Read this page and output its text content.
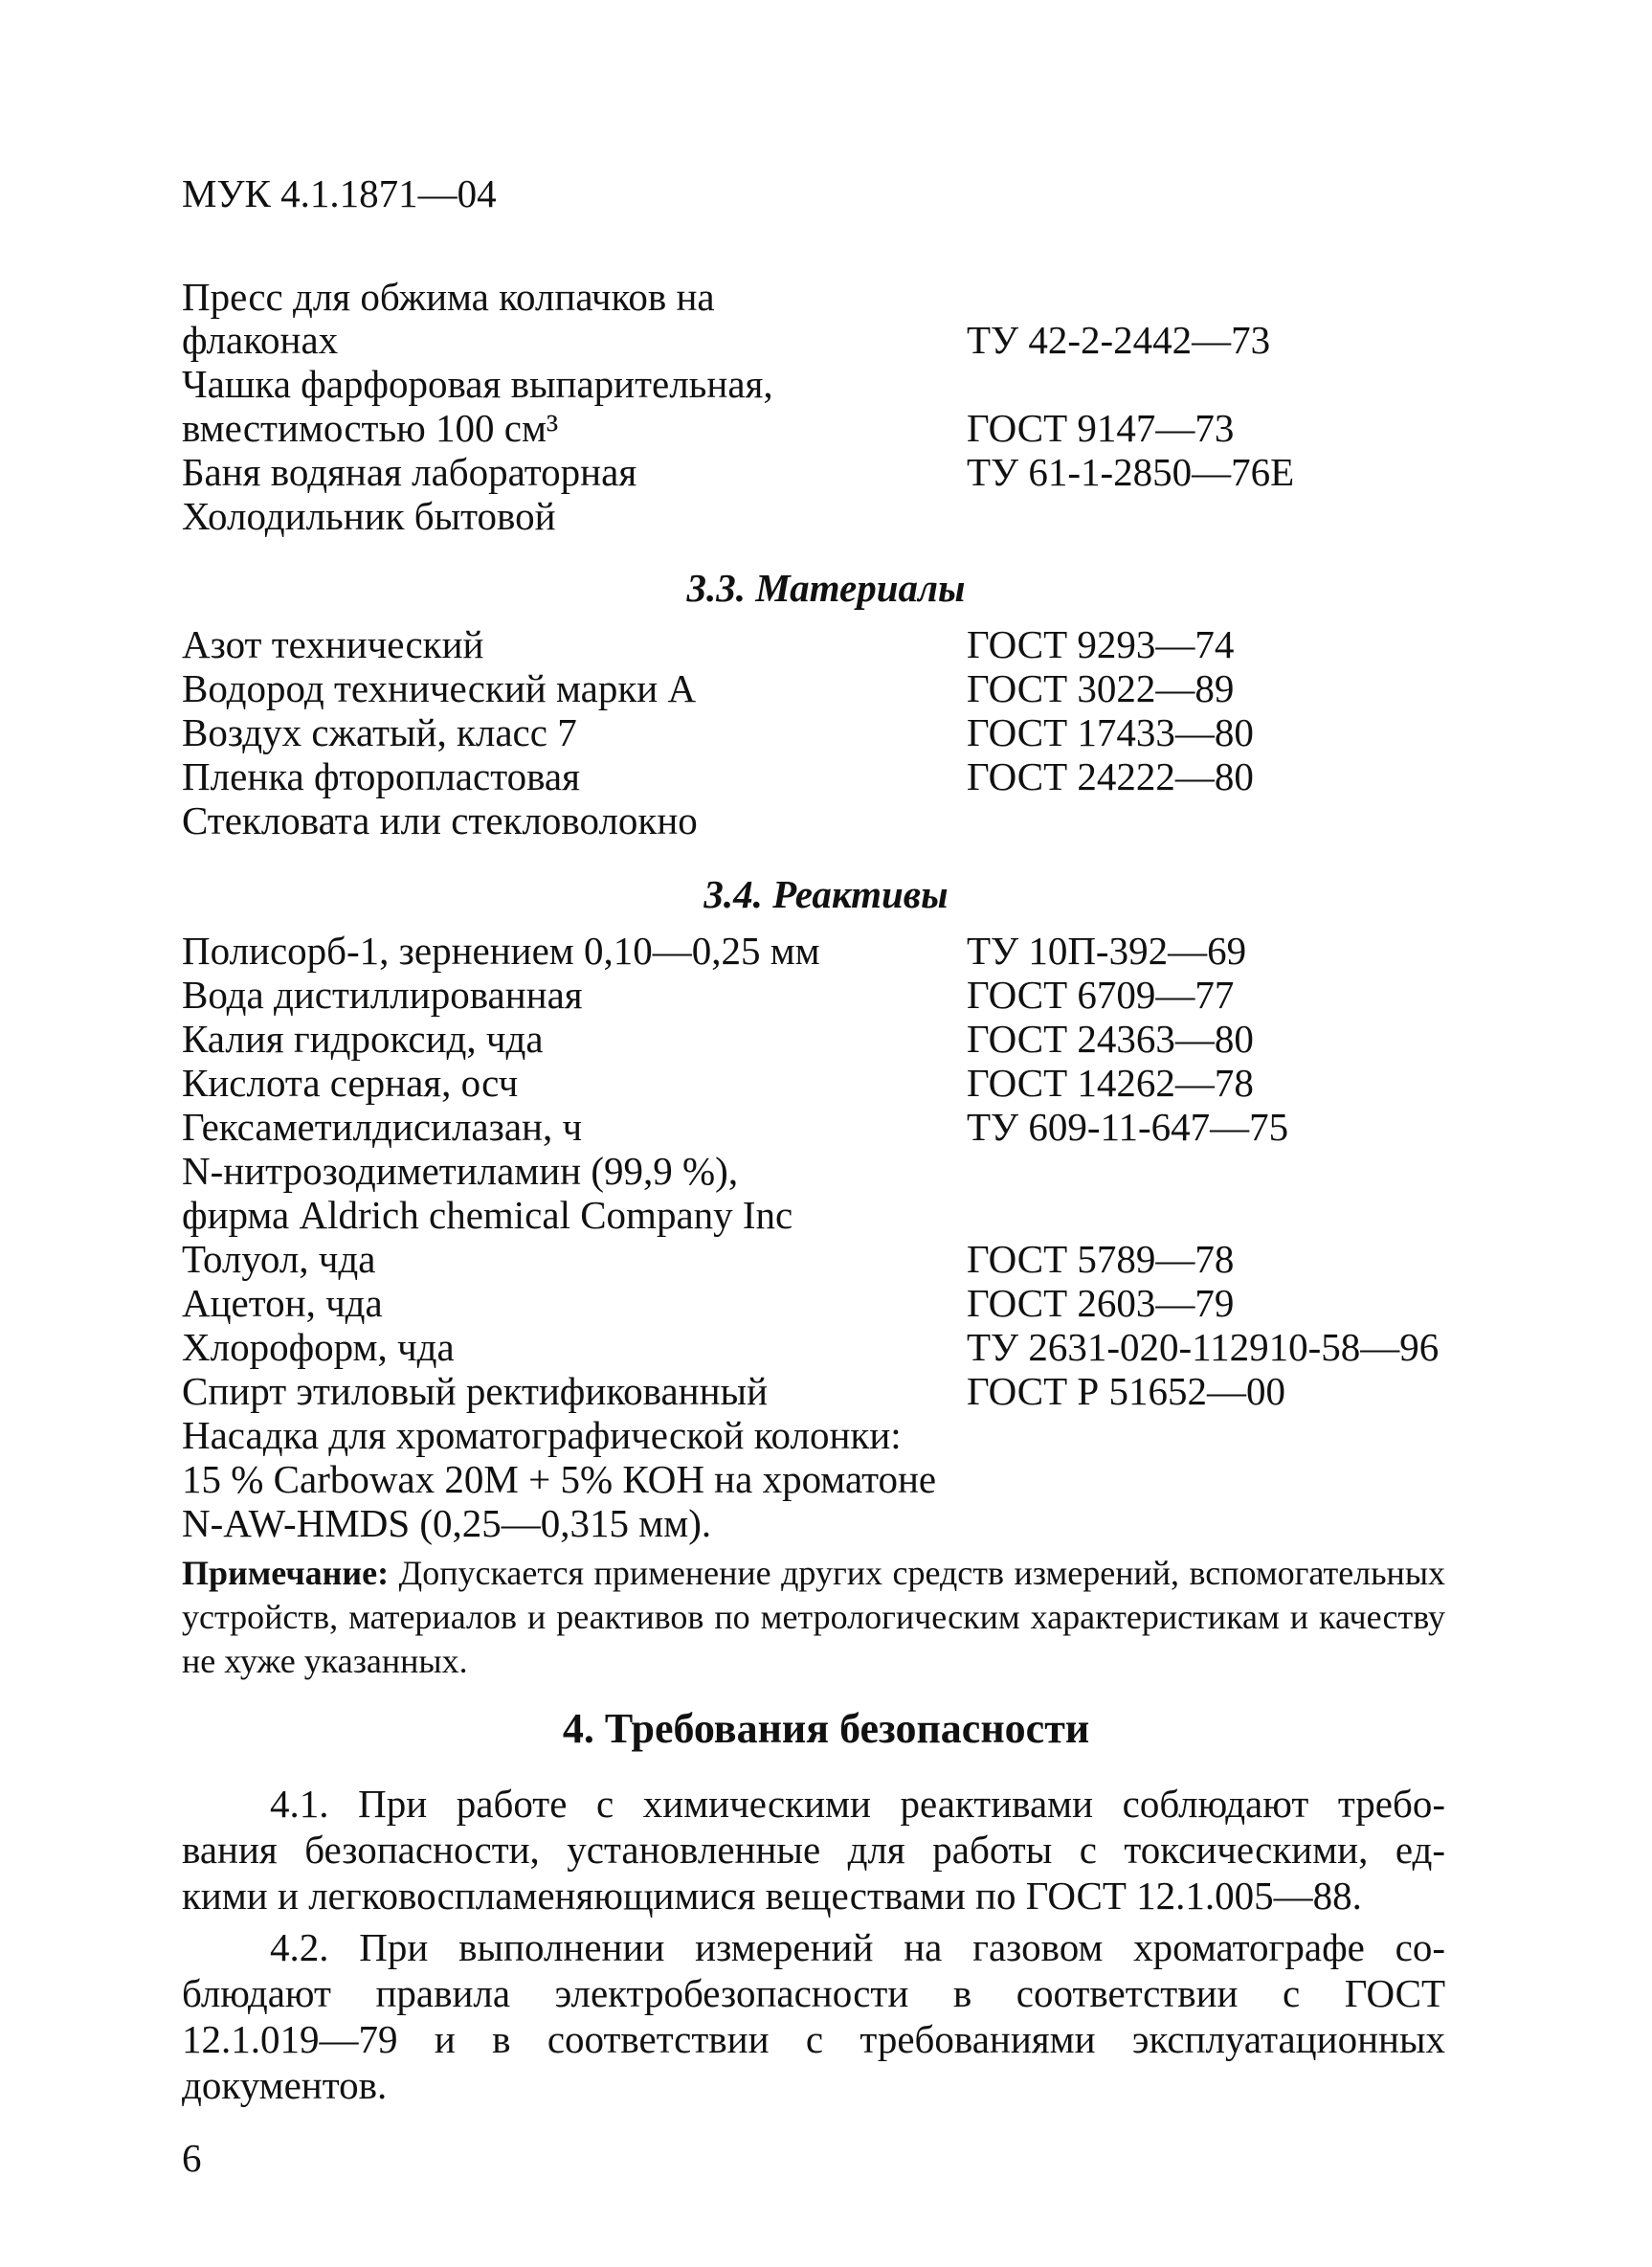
МУК 4.1.1871—04
Пресс для обжима колпачков на
флаконах	ТУ 42-2-2442—73
Чашка фарфоровая выпарительная,
вместимостью 100 см³	ГОСТ 9147—73
Баня водяная лабораторная	ТУ 61-1-2850—76Е
Холодильник бытовой
3.3. Материалы
Азот технический	ГОСТ 9293—74
Водород технический марки А	ГОСТ 3022—89
Воздух сжатый, класс 7	ГОСТ 17433—80
Пленка фторопластовая	ГОСТ 24222—80
Стекловата или стекловолокно
3.4. Реактивы
Полисорб-1, зернением 0,10—0,25 мм	ТУ 10П-392—69
Вода дистиллированная	ГОСТ 6709—77
Калия гидроксид, чда	ГОСТ 24363—80
Кислота серная, осч	ГОСТ 14262—78
Гексаметилдисилазан, ч	ТУ 609-11-647—75
N-нитрозодиметиламин (99,9 %),
фирма Aldrich chemical Company Inc
Толуол, чда	ГОСТ 5789—78
Ацетон, чда	ГОСТ 2603—79
Хлороформ, чда	ТУ 2631-020-112910-58—96
Спирт этиловый ректификованный	ГОСТ Р 51652—00
Насадка для хроматографической колонки:
15 % Carbowax 20М + 5% КОН на хроматоне
N-AW-HMDS (0,25—0,315 мм).
Примечание: Допускается применение других средств измерений, вспомогательных устройств, материалов и реактивов по метрологическим характеристикам и качеству не хуже указанных.
4. Требования безопасности
4.1. При работе с химическими реактивами соблюдают требо-
вания безопасности, установленные для работы с токсическими, ед-
кими и легковоспламеняющимися веществами по ГОСТ 12.1.005—88.
4.2. При выполнении измерений на газовом хроматографе со-
блюдают правила электробезопасности в соответствии с ГОСТ
12.1.019—79 и в соответствии с требованиями эксплуатационных
документов.
6
